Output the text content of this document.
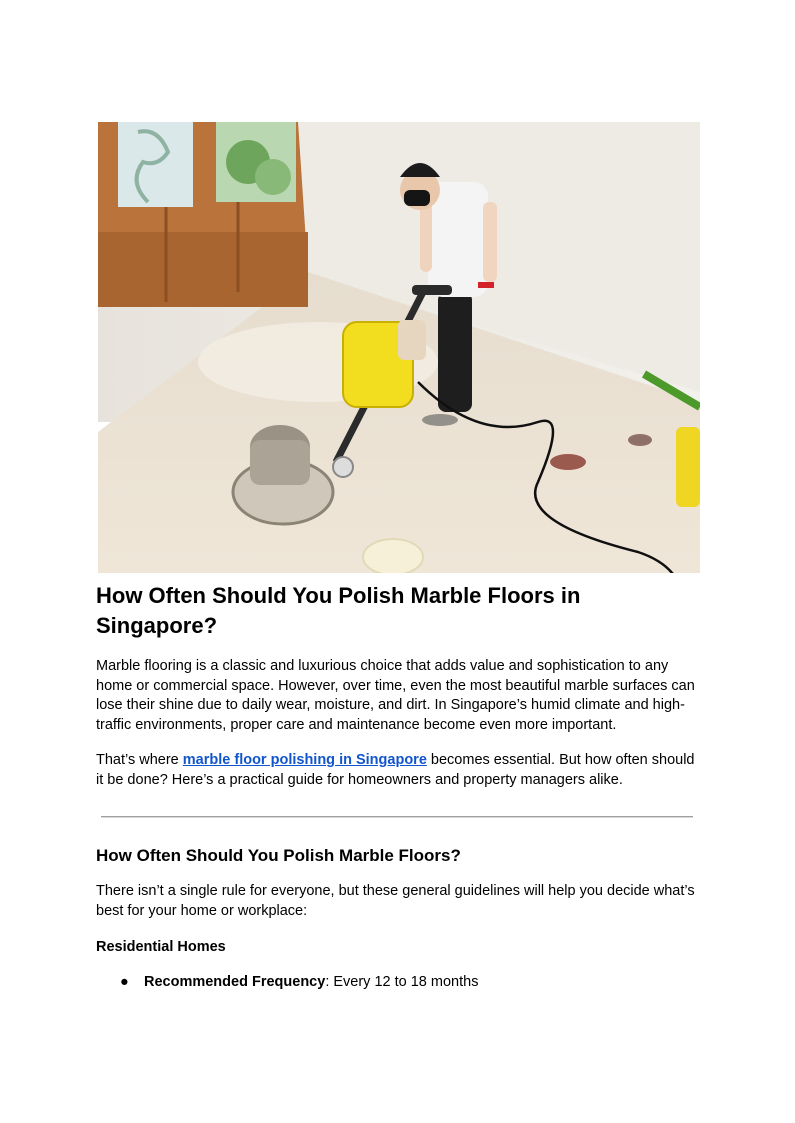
How Often Should You Polish Marble Floors in Singapore?

Marble flooring is a classic and luxurious choice that adds value and sophistication to any home or commercial space. However, over time, even the most beautiful marble surfaces can lose their shine due to daily wear, moisture, and dirt. In Singapore’s humid climate and high-traffic environments, proper care and maintenance become even more important.

That’s where marble floor polishing in Singapore becomes essential. But how often should it be done? Here’s a practical guide for homeowners and property managers alike.

How Often Should You Polish Marble Floors?

There isn’t a single rule for everyone, but these general guidelines will help you decide what’s best for your home or workplace:

Residential Homes

● Recommended Frequency: Every 12 to 18 months
